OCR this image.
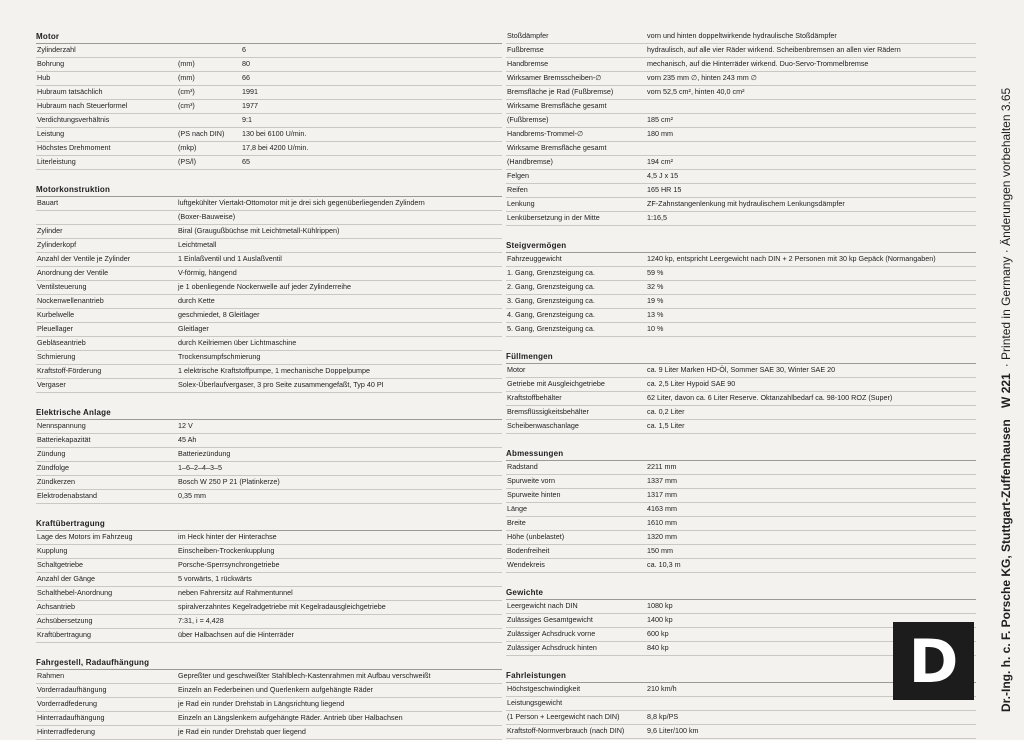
Motor
Zylinderzahl	6
Bohrung	(mm)	80
Hub	(mm)	66
Hubraum tatsächlich	(cm³)	1991
Hubraum nach Steuerformel	(cm³)	1977
Verdichtungsverhältnis	9:1
Leistung	(PS nach DIN) 130 bei 6100 U/min.
Höchstes Drehmoment	(mkp)	17,8 bei 4200 U/min.
Literleistung	(PS/l)	65
Motorkonstruktion
Bauart	luftgekühlter Viertakt-Ottomotor mit je drei sich gegenüberliegenden Zylindern
(Boxer-Bauweise)
Zylinder	Biral (Graugußbüchse mit Leichtmetall-Kühlrippen)
Zylinderkopf	Leichtmetall
Anzahl der Ventile je Zylinder	1 Einlaßventil und 1 Auslaßventil
Anordnung der Ventile	V-förmig, hängend
Ventilsteuerung	je 1 obenliegende Nockenwelle auf jeder Zylinderreihe
Nockenwellenantrieb	durch Kette
Kurbelwelle	geschmiedet, 8 Gleitlager
Pleuellager	Gleitlager
Gebläseantrieb	durch Keilriemen über Lichtmaschine
Schmierung	Trockensumpfschmierung
Kraftstoff-Förderung	1 elektrische Kraftstoffpumpe, 1 mechanische Doppelpumpe
Vergaser	Solex-Überlaufvergaser, 3 pro Seite zusammengefaßt, Typ 40 PI
Elektrische Anlage
Nennspannung	12 V
Batteriekapazität	45 Ah
Zündung	Batteriezündung
Zündfolge	1–6–2–4–3–5
Zündkerzen	Bosch W 250 P 21 (Platinkerze)
Elektrodenabstand	0,35 mm
Kraftübertragung
Lage des Motors im Fahrzeug	im Heck hinter der Hinterachse
Kupplung	Einscheiben-Trockenkupplung
Schaltgetriebe	Porsche-Sperrsynchrongetriebe
Anzahl der Gänge	5 vorwärts, 1 rückwärts
Schalthebel-Anordnung	neben Fahrersitz auf Rahmentunnel
Achsantrieb	spiralverzahntes Kegelradgetriebe mit Kegelradausgleichgetriebe
Achsübersetzung	7:31, i = 4,428
Kraftübertragung	über Halbachsen auf die Hinterräder
Fahrgestell, Radaufhängung
Rahmen	Gepreßter und geschweißter Stahlblech-Kastenrahmen mit Aufbau verschweißt
Vorderradaufhängung	Einzeln an Federbeinen und Querlenkern aufgehängte Räder
Vorderradfederung	je Rad ein runder Drehstab in Längsrichtung liegend
Hinterradaufhängung	Einzeln an Längslenkern aufgehängte Räder. Antrieb über Halbachsen
Hinterradfederung	je Rad ein runder Drehstab quer liegend
Stoßdämpfer	vorn und hinten doppeltwirkende hydraulische Stoßdämpfer
Fußbremse	hydraulisch, auf alle vier Räder wirkend. Scheibenbremsen an allen vier Rädern
Handbremse	mechanisch, auf die Hinterräder wirkend. Duo-Servo-Trommelbremse
Wirksamer Bremsscheiben-∅	vorn 235 mm ∅, hinten 243 mm ∅
Bremsfläche je Rad (Fußbremse)	vorn 52,5 cm², hinten 40,0 cm²
Wirksame Bremsfläche gesamt
(Fußbremse)	185 cm²
Handbrems-Trommel-∅	180 mm
Wirksame Bremsfläche gesamt
(Handbremse)	194 cm²
Felgen	4,5 J x 15
Reifen	165 HR 15
Lenkung	ZF-Zahnstangenlenkung mit hydraulischem Lenkungsdämpfer
Lenkübersetzung in der Mitte	1:16,5
Steigvermögen
Fahrzeuggewicht	1240 kp, entspricht Leergewicht nach DIN + 2 Personen mit 30 kp Gepäck (Normangaben)
1. Gang, Grenzsteigung ca.	59 %
2. Gang, Grenzsteigung ca.	32 %
3. Gang, Grenzsteigung ca.	19 %
4. Gang, Grenzsteigung ca.	13 %
5. Gang, Grenzsteigung ca.	10 %
Füllmengen
Motor	ca. 9 Liter Marken HD-Öl, Sommer SAE 30, Winter SAE 20
Getriebe mit Ausgleichgetriebe	ca. 2,5 Liter Hypoid SAE 90
Kraftstoffbehälter	62 Liter, davon ca. 6 Liter Reserve. Oktanzahlbedarf ca. 98-100 ROZ (Super)
Bremsflüssigkeitsbehälter	ca. 0,2 Liter
Scheibenwaschanlage	ca. 1,5 Liter
Abmessungen
Radstand	2211 mm
Spurweite vorn	1337 mm
Spurweite hinten	1317 mm
Länge	4163 mm
Breite	1610 mm
Höhe (unbelastet)	1320 mm
Bodenfreiheit	150 mm
Wendekreis	ca. 10,3 m
Gewichte
Leergewicht nach DIN	1080 kp
Zulässiges Gesamtgewicht	1400 kp
Zulässiger Achsdruck vorne	600 kp
Zulässiger Achsdruck hinten	840 kp
Fahrleistungen
Höchstgeschwindigkeit	210 km/h
Leistungsgewicht
(1 Person + Leergewicht nach DIN)	8,8 kp/PS
Kraftstoff-Normverbrauch (nach DIN)	9,6 Liter/100 km
Dr.-Ing. h. c. F. Porsche KG, Stuttgart-Zuffenhausen W 221· Printed in Germany · Änderungen vorbehalten 3.65
D
